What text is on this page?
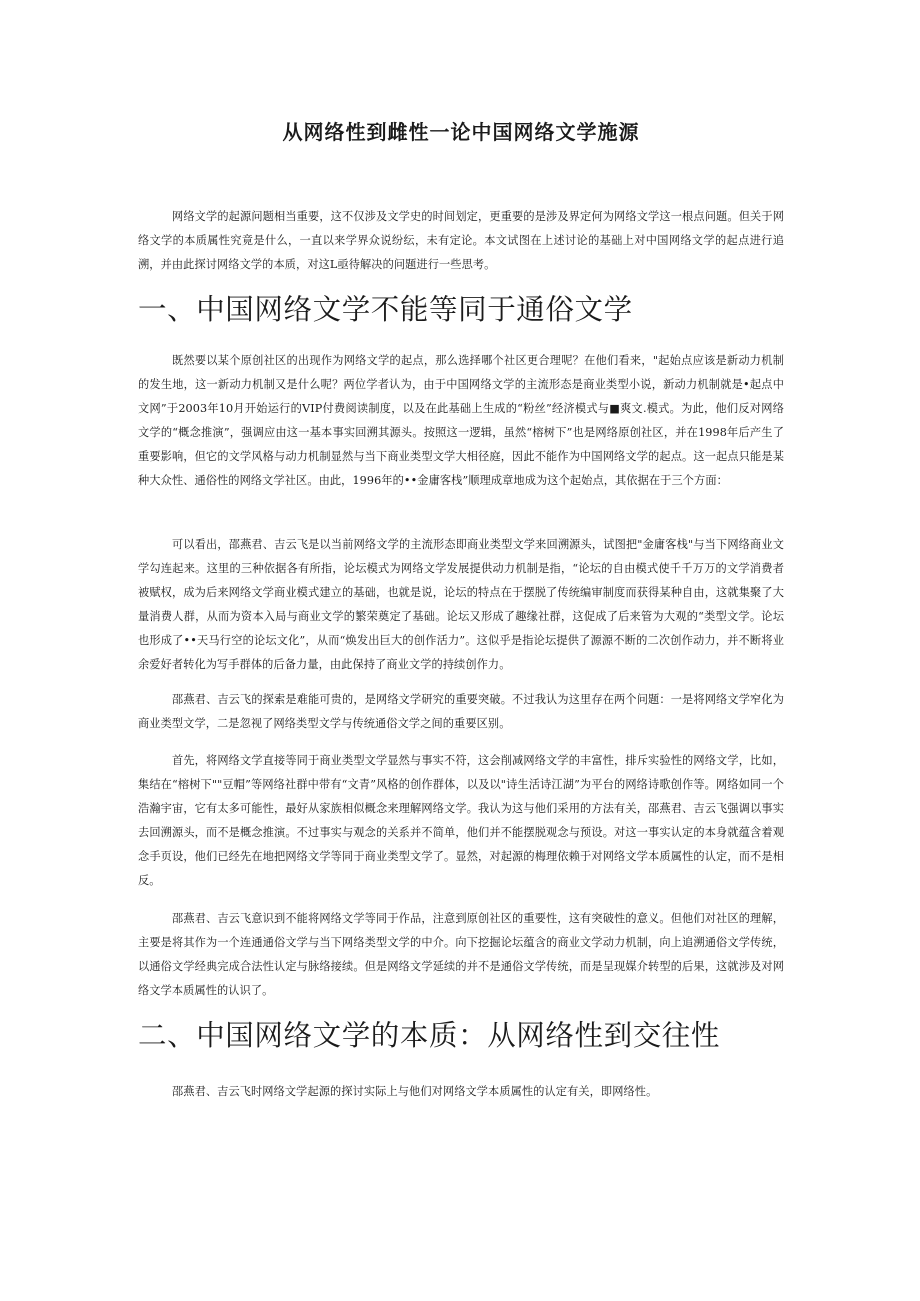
从网络性到雌性一论中国网络文学施源

网络文学的起源问题相当重要，这不仅涉及文学史的时间划定，更重要的是涉及界定何为网络文学这一根点问题。但关于网络文学的本质属性究竟是什么，一直以来学界众说纷纭，未有定论。本文试图在上述讨论的基础上对中国网络文学的起点进行追溯，并由此探讨网络文学的本质，对这L亟待解决的问题进行一些思考。

一、中国网络文学不能等同于通俗文学

既然要以某个原创社区的出现作为网络文学的起点，那么选择哪个社区更合理呢？在他们看来，"起始点应该是新动力机制的发生地，这一新动力机制又是什么呢？两位学者认为，由于中国网络文学的主流形态是商业类型小说，新动力机制就是•起点中文网”于2003年10月开始运行的VIP付费阅读制度，以及在此基础上生成的“粉丝”经济模式与■爽文.模式。为此，他们反对网络文学的“概念推演”，强调应由这一基本事实回溯其源头。按照这一逻辑，虽然“榕树下”也是网络原创社区，并在1998年后产生了重要影响，但它的文学风格与动力机制显然与当下商业类型文学大相径庭，因此不能作为中国网络文学的起点。这一起点只能是某种大众性、通俗性的网络文学社区。由此，1996年的••金庸客栈”顺理成章地成为这个起始点，其依据在于三个方面：

可以看出，邵燕君、吉云飞是以当前网络文学的主流形态即商业类型文学来回溯源头，试图把"金庸客栈"与当下网络商业文学勾连起来。这里的三种依据各有所指，论坛模式为网络文学发展提供动力机制是指，“论坛的自由模式使千千万万的文学消费者被赋权，成为后来网络文学商业模式建立的基础，也就是说，论坛的特点在于摆脱了传统编审制度而获得某种自由，这就集聚了大量消费人群，从而为资本入局与商业文学的繁荣奠定了基础。论坛又形成了趣缘社群，这促成了后来管为大观的“类型文学。论坛也形成了••天马行空的论坛文化”，从而“焕发出巨大的创作活力”。这似乎是指论坛提供了源源不断的二次创作动力，并不断将业余爱好者转化为写手群体的后备力量，由此保持了商业文学的持续创作力。

邵燕君、吉云飞的探索是难能可贵的，是网络文学研究的重要突破。不过我认为这里存在两个问题：一是将网络文学窄化为商业类型文学，二是忽视了网络类型文学与传统通俗文学之间的重要区别。

首先，将网络文学直接等同于商业类型文学显然与事实不符，这会削减网络文学的丰富性，排斥实验性的网络文学，比如，集结在“榕树下""豆帽”等网络社群中带有“文青”风格的创作群体，以及以"诗生活诗江湖”为平台的网络诗歌创作等。网络如同一个浩瀚宇宙，它有太多可能性，最好从家族相似概念来理解网络文学。我认为这与他们采用的方法有关，邵燕君、吉云飞强调以事实去回溯源头，而不是概念推演。不过事实与观念的关系并不简单，他们并不能摆脱观念与预设。对这一事实认定的本身就蕴含着观念手页设，他们已经先在地把网络文学等同于商业类型文学了。显然，对起源的梅理依赖于对网络文学本质属性的认定，而不是相反。

邵燕君、吉云飞意识到不能将网络文学等同于作品，注意到原创社区的重要性，这有突破性的意义。但他们对社区的理解，主要是将其作为一个连通通俗文学与当下网络类型文学的中介。向下挖掘论坛蕴含的商业文学动力机制，向上追溯通俗文学传统，以通俗文学经典完成合法性认定与脉络接续。但是网络文学延续的并不是通俗文学传统，而是呈现媒介转型的后果，这就涉及对网络文学本质属性的认识了。

二、中国网络文学的本质：从网络性到交往性

邵燕君、吉云飞时网络文学起源的探讨实际上与他们对网络文学本质属性的认定有关，即网络性。
